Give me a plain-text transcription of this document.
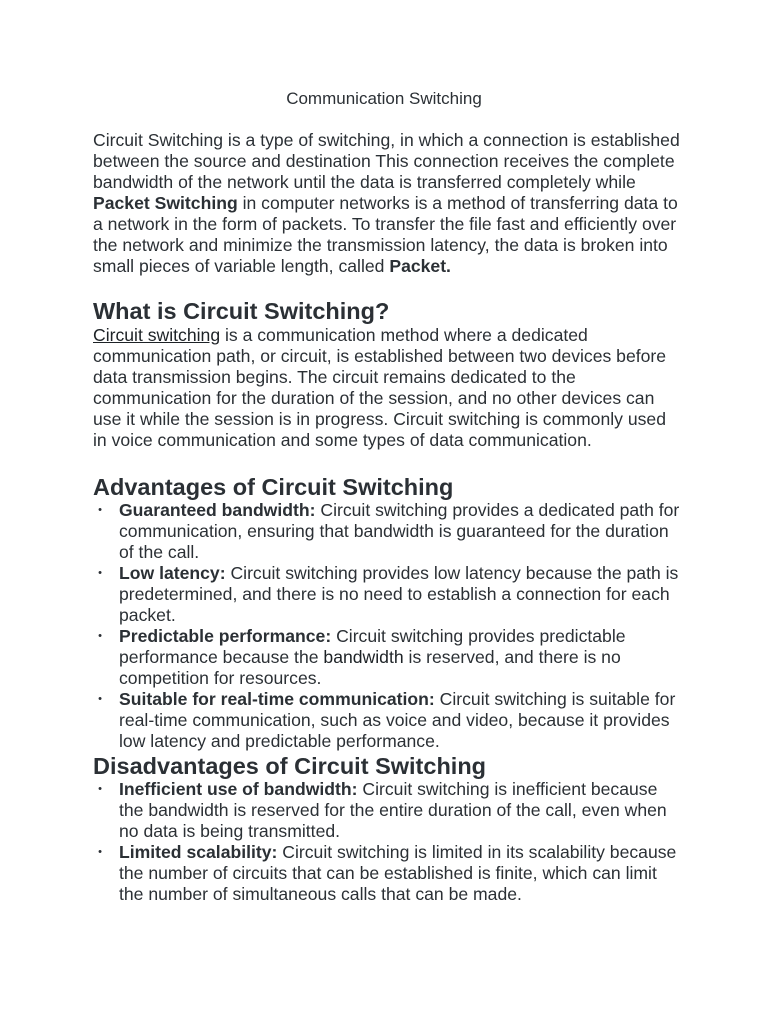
Communication Switching

Circuit Switching is a type of switching, in which a connection is established between the source and destination This connection receives the complete bandwidth of the network until the data is transferred completely while Packet Switching in computer networks is a method of transferring data to a network in the form of packets. To transfer the file fast and efficiently over the network and minimize the transmission latency, the data is broken into small pieces of variable length, called Packet.

What is Circuit Switching?

Circuit switching is a communication method where a dedicated communication path, or circuit, is established between two devices before data transmission begins. The circuit remains dedicated to the communication for the duration of the session, and no other devices can use it while the session is in progress. Circuit switching is commonly used in voice communication and some types of data communication.

Advantages of Circuit Switching
• Guaranteed bandwidth: Circuit switching provides a dedicated path for communication, ensuring that bandwidth is guaranteed for the duration of the call.
• Low latency: Circuit switching provides low latency because the path is predetermined, and there is no need to establish a connection for each packet.
• Predictable performance: Circuit switching provides predictable performance because the bandwidth is reserved, and there is no competition for resources.
• Suitable for real-time communication: Circuit switching is suitable for real-time communication, such as voice and video, because it provides low latency and predictable performance.
Disadvantages of Circuit Switching
• Inefficient use of bandwidth: Circuit switching is inefficient because the bandwidth is reserved for the entire duration of the call, even when no data is being transmitted.
• Limited scalability: Circuit switching is limited in its scalability because the number of circuits that can be established is finite, which can limit the number of simultaneous calls that can be made.
